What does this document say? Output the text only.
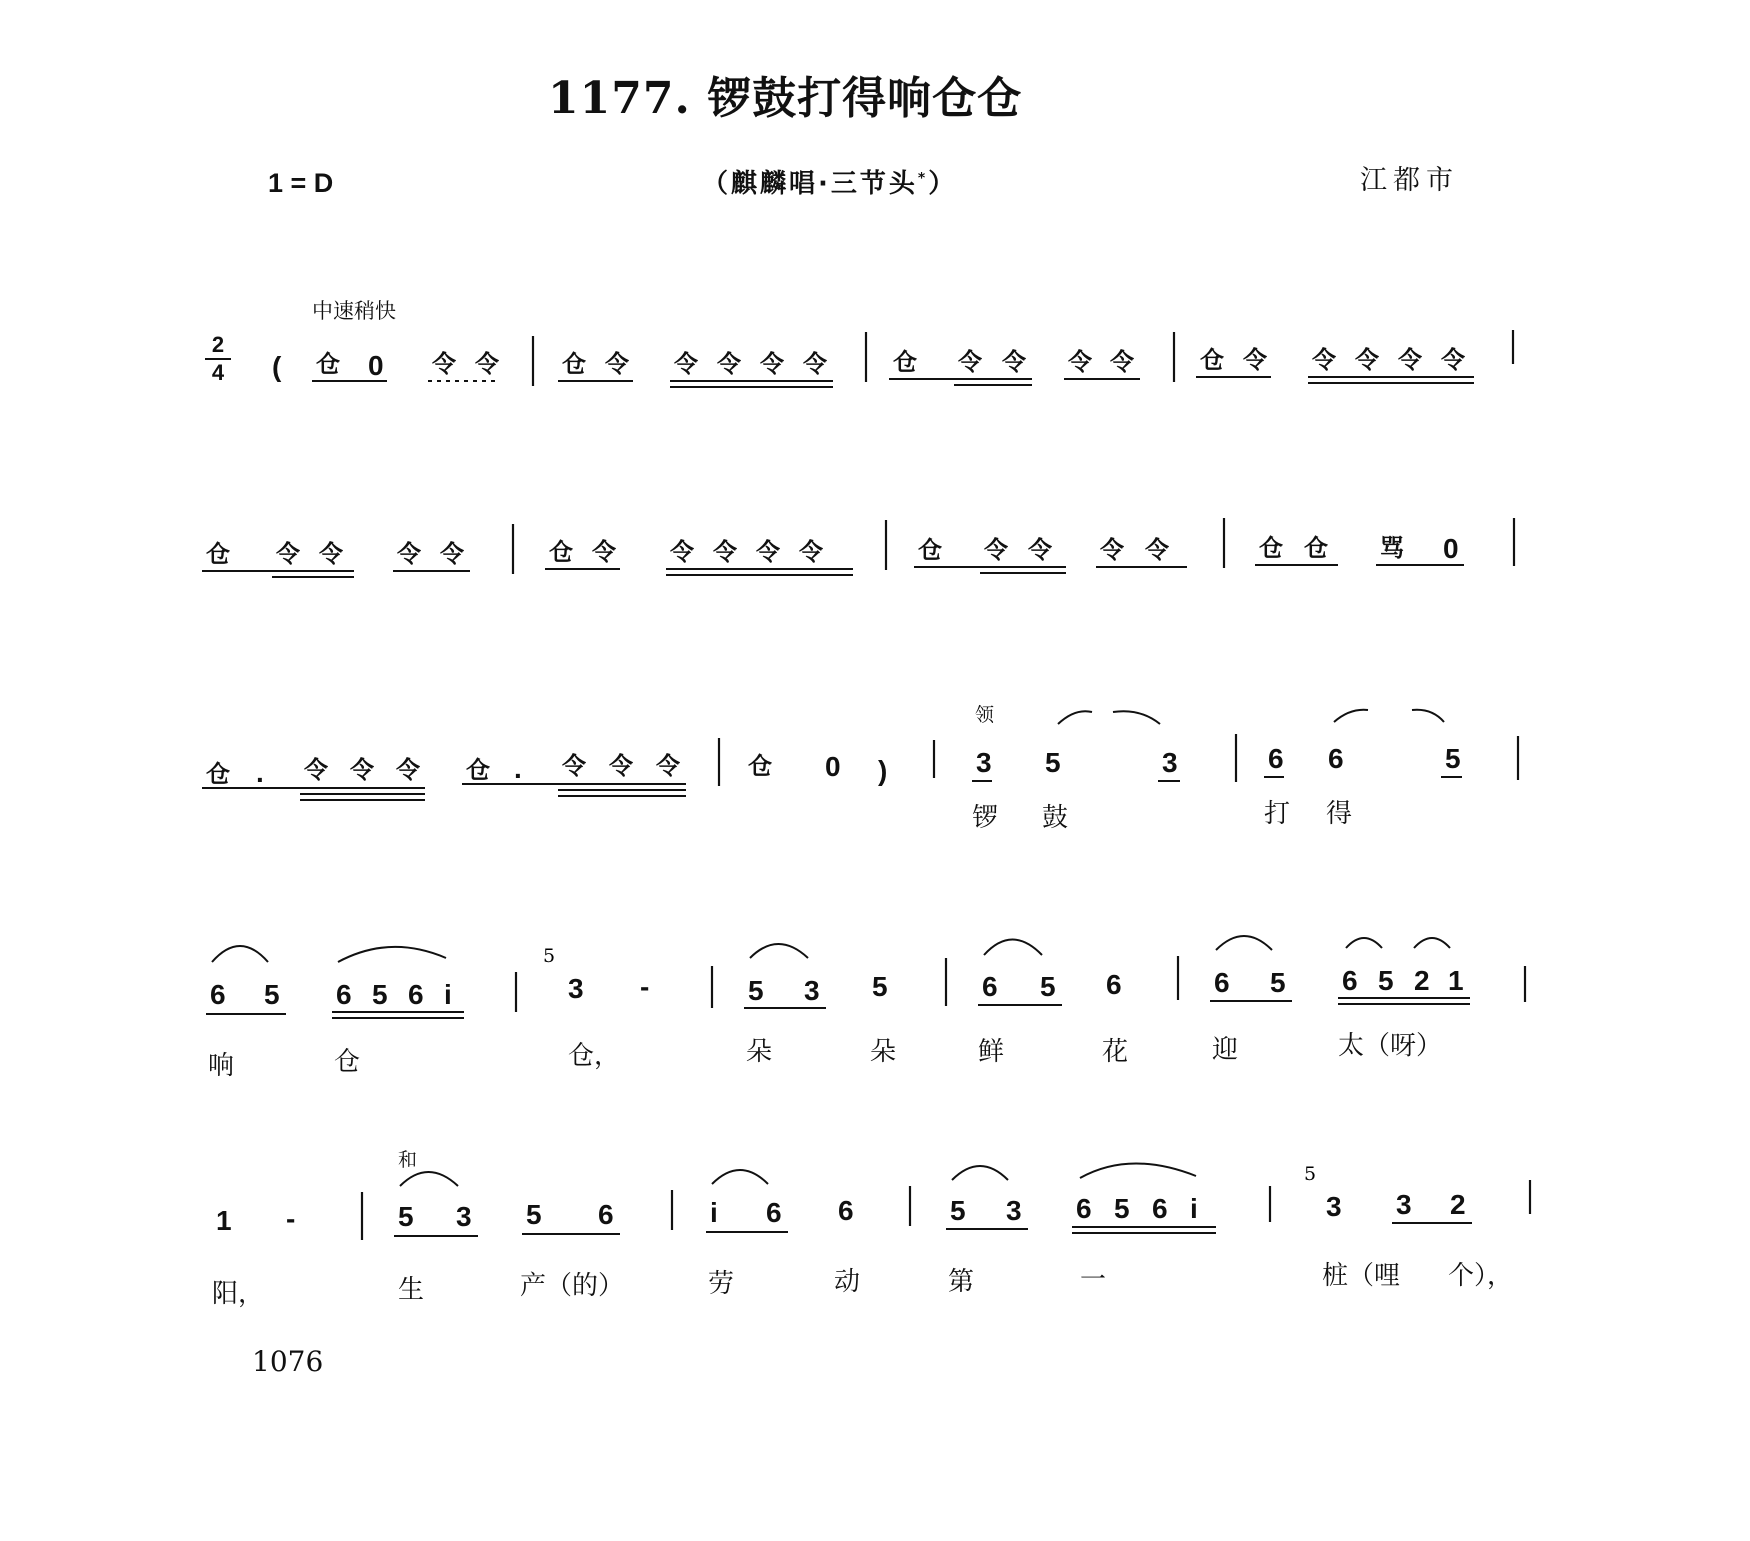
1177. 锣鼓打得响仓仓
1 = D	（麒麟唱·三节头*）	江都市
中速稍快
2
4
1076
领
和
( 仓 0 令 令	仓 令 令 令 令 令	仓 令 令 令 令	仓 令 令 令 令 令
仓 令 令 令 令	仓 令 令 令 令 令	仓 令 令 令 令	仓 仓 骂 0
仓 . 令 令 令 仓 . 令 令 令	仓 0 )	3 5	3	6 6	5
锣 鼓	打 得
6 5 6 5 6 i
5
3 -	5 3 5	6 5 6	6 5 6 5 2 1
响	仓	仓，	朵	朵	鲜	花	迎	太（呀）
1 -	5 3 5 6	i 6 6	5 3 6 5 6 i
5
3 3 2
阳，	生	产（的）	劳	动	第	一	桩（哩 个），
